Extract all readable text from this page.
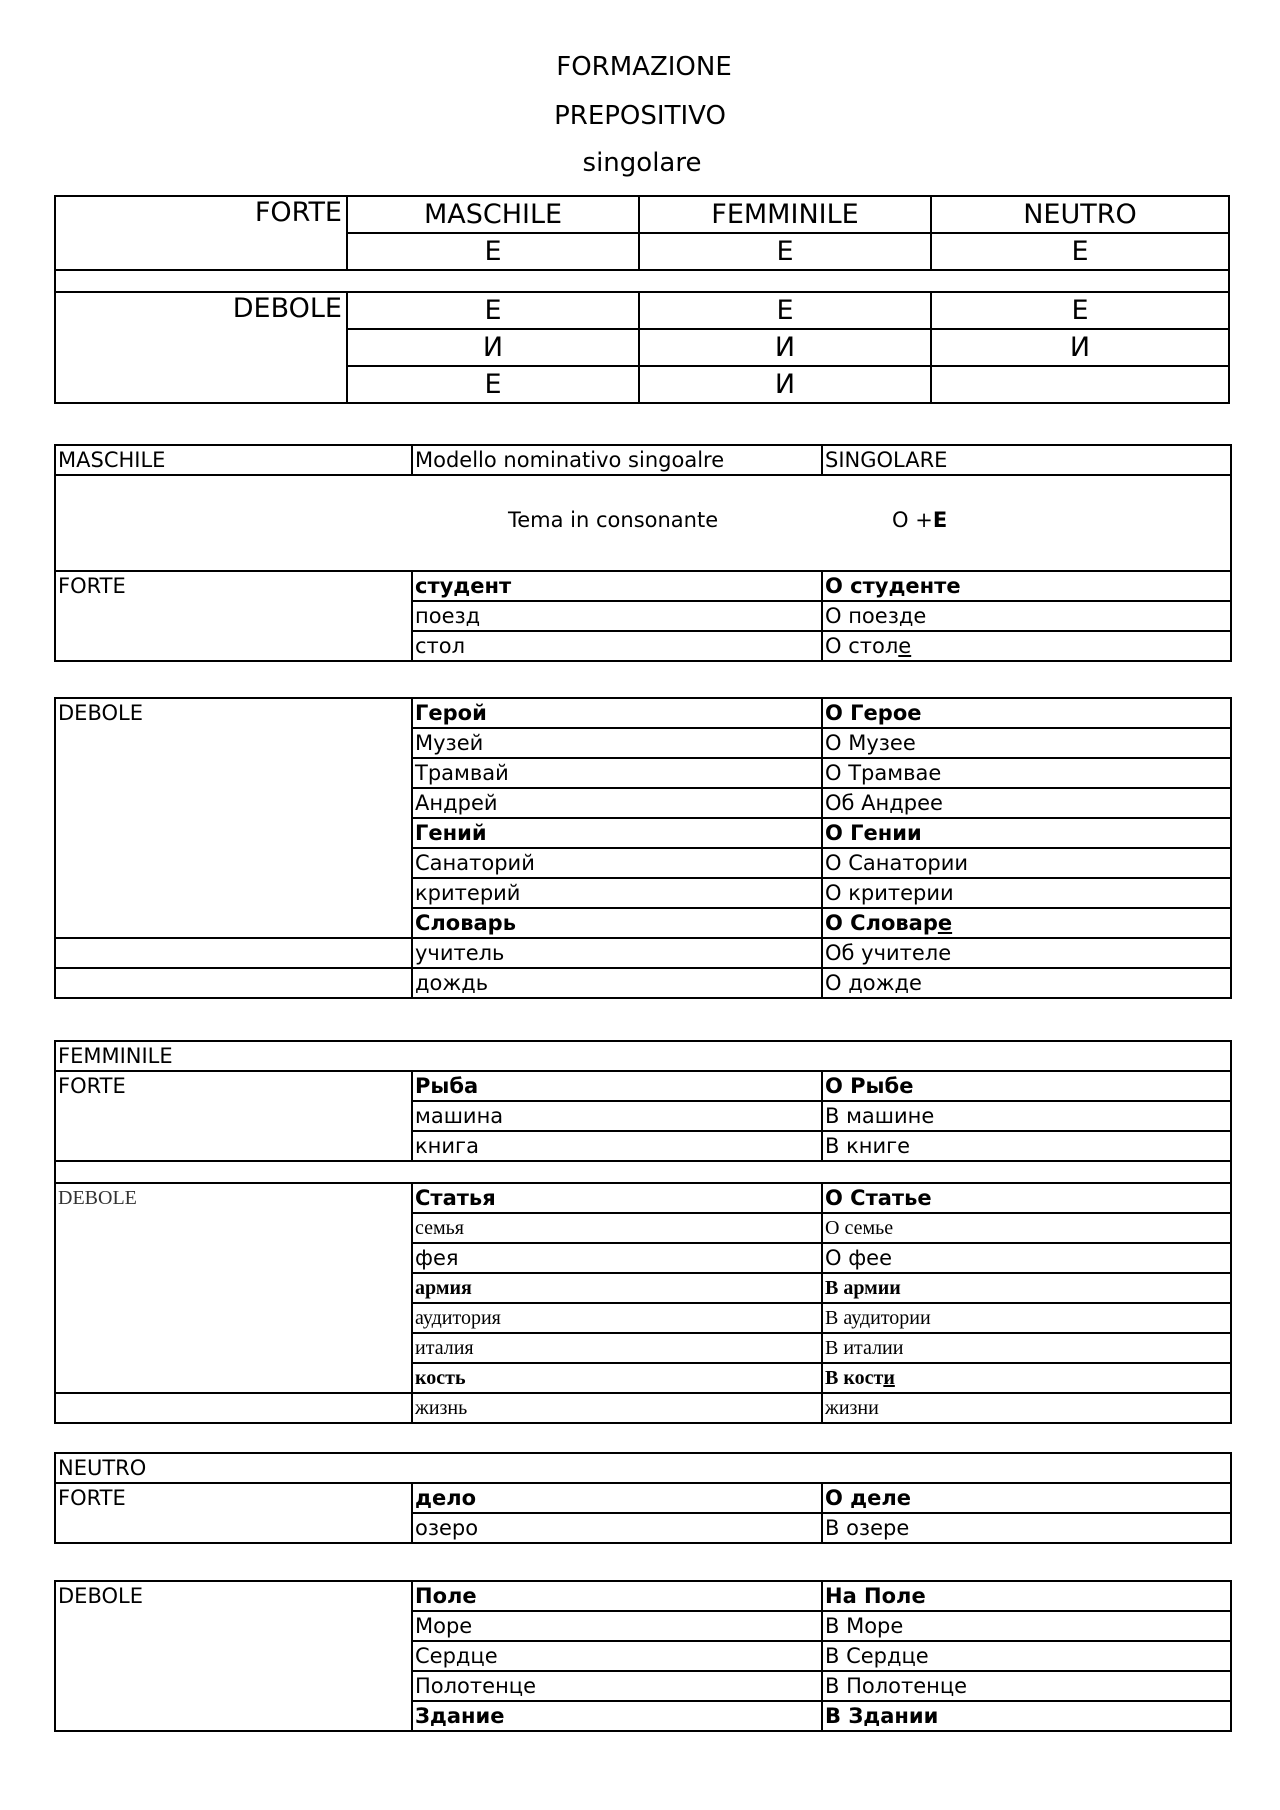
FORMAZIONE
PREPOSITIVO
singolare
FORTE	MASCHILE	FEMMINILE	NEUTRO
	E	E	E

DEBOLE	E	E	E
	И	И	И
	E	И	
MASCHILE	Modello nominativo singoalre	SINGOLARE

Tema in consonante O +E		

FORTE	студент	О студенте
	поезд	О поезде
	стол	О столе
DEBOLE	Герой	О Герое
	Музей	О Музее
	Трамвай	О Трамвае
	Андрей	Об Андрее
	Гений	О Гении
	Санаторий	О Санатории
	критерий	О критерии
	Словарь	О Словаре
	учитель	Об учителе
	дождь	О дожде
FEMMINILE		
FORTE	Рыба	О Рыбе
	машина	В машине
	книга	В книге

DEBOLE	Статья	О Статье
	семья	О семье
	фея	О фее
	армия	В армии
	аудитория	В аудитории
	италия	В италии
	кость	В кости
	жизнь	жизни
NEUTRO		
FORTE	дело	О деле
	озеро	В озере
DEBOLE	Поле	На Поле
	Море	В Море
	Сердце	В Сердце
	Полотенце	В Полотенце
	Здание	В Здании
